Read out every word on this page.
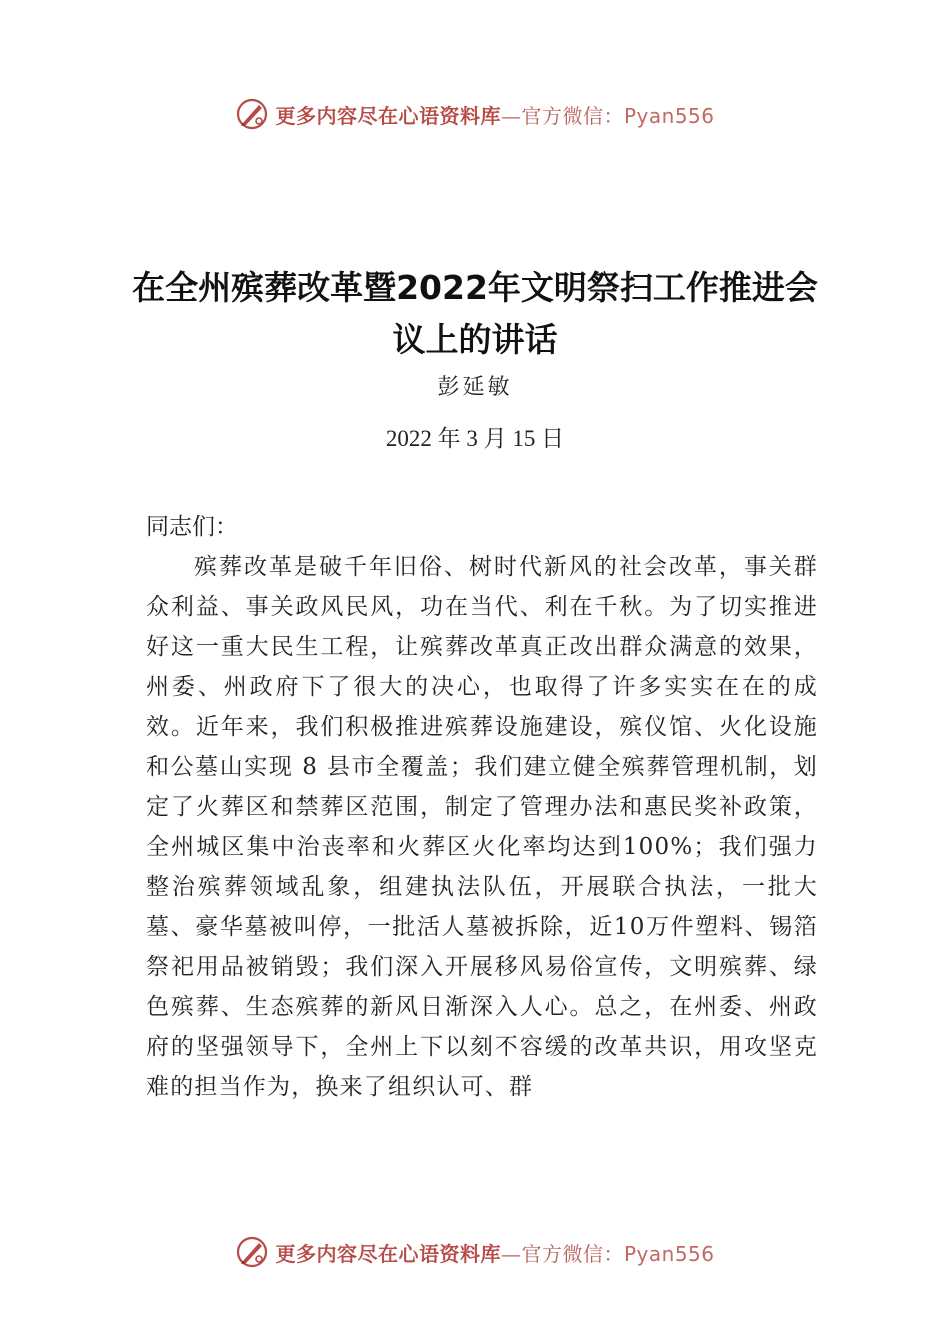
更多内容尽在心语资料库—官方微信：Pyan556
在全州殡葬改革暨2022年文明祭扫工作推进会议上的讲话
彭延敏
2022 年 3 月 15 日
同志们：
殡葬改革是破千年旧俗、树时代新风的社会改革，事关群众利益、事关政风民风，功在当代、利在千秋。为了切实推进好这一重大民生工程，让殡葬改革真正改出群众满意的效果，州委、州政府下了很大的决心，也取得了许多实实在在的成效。近年来，我们积极推进殡葬设施建设，殡仪馆、火化设施和公墓山实现 8 县市全覆盖；我们建立健全殡葬管理机制，划定了火葬区和禁葬区范围，制定了管理办法和惠民奖补政策，全州城区集中治丧率和火葬区火化率均达到100%；我们强力整治殡葬领域乱象，组建执法队伍，开展联合执法，一批大墓、豪华墓被叫停，一批活人墓被拆除，近10万件塑料、锡箔祭祀用品被销毁；我们深入开展移风易俗宣传，文明殡葬、绿色殡葬、生态殡葬的新风日渐深入人心。总之，在州委、州政府的坚强领导下，全州上下以刻不容缓的改革共识，用攻坚克难的担当作为，换来了组织认可、群
更多内容尽在心语资料库—官方微信：Pyan556
